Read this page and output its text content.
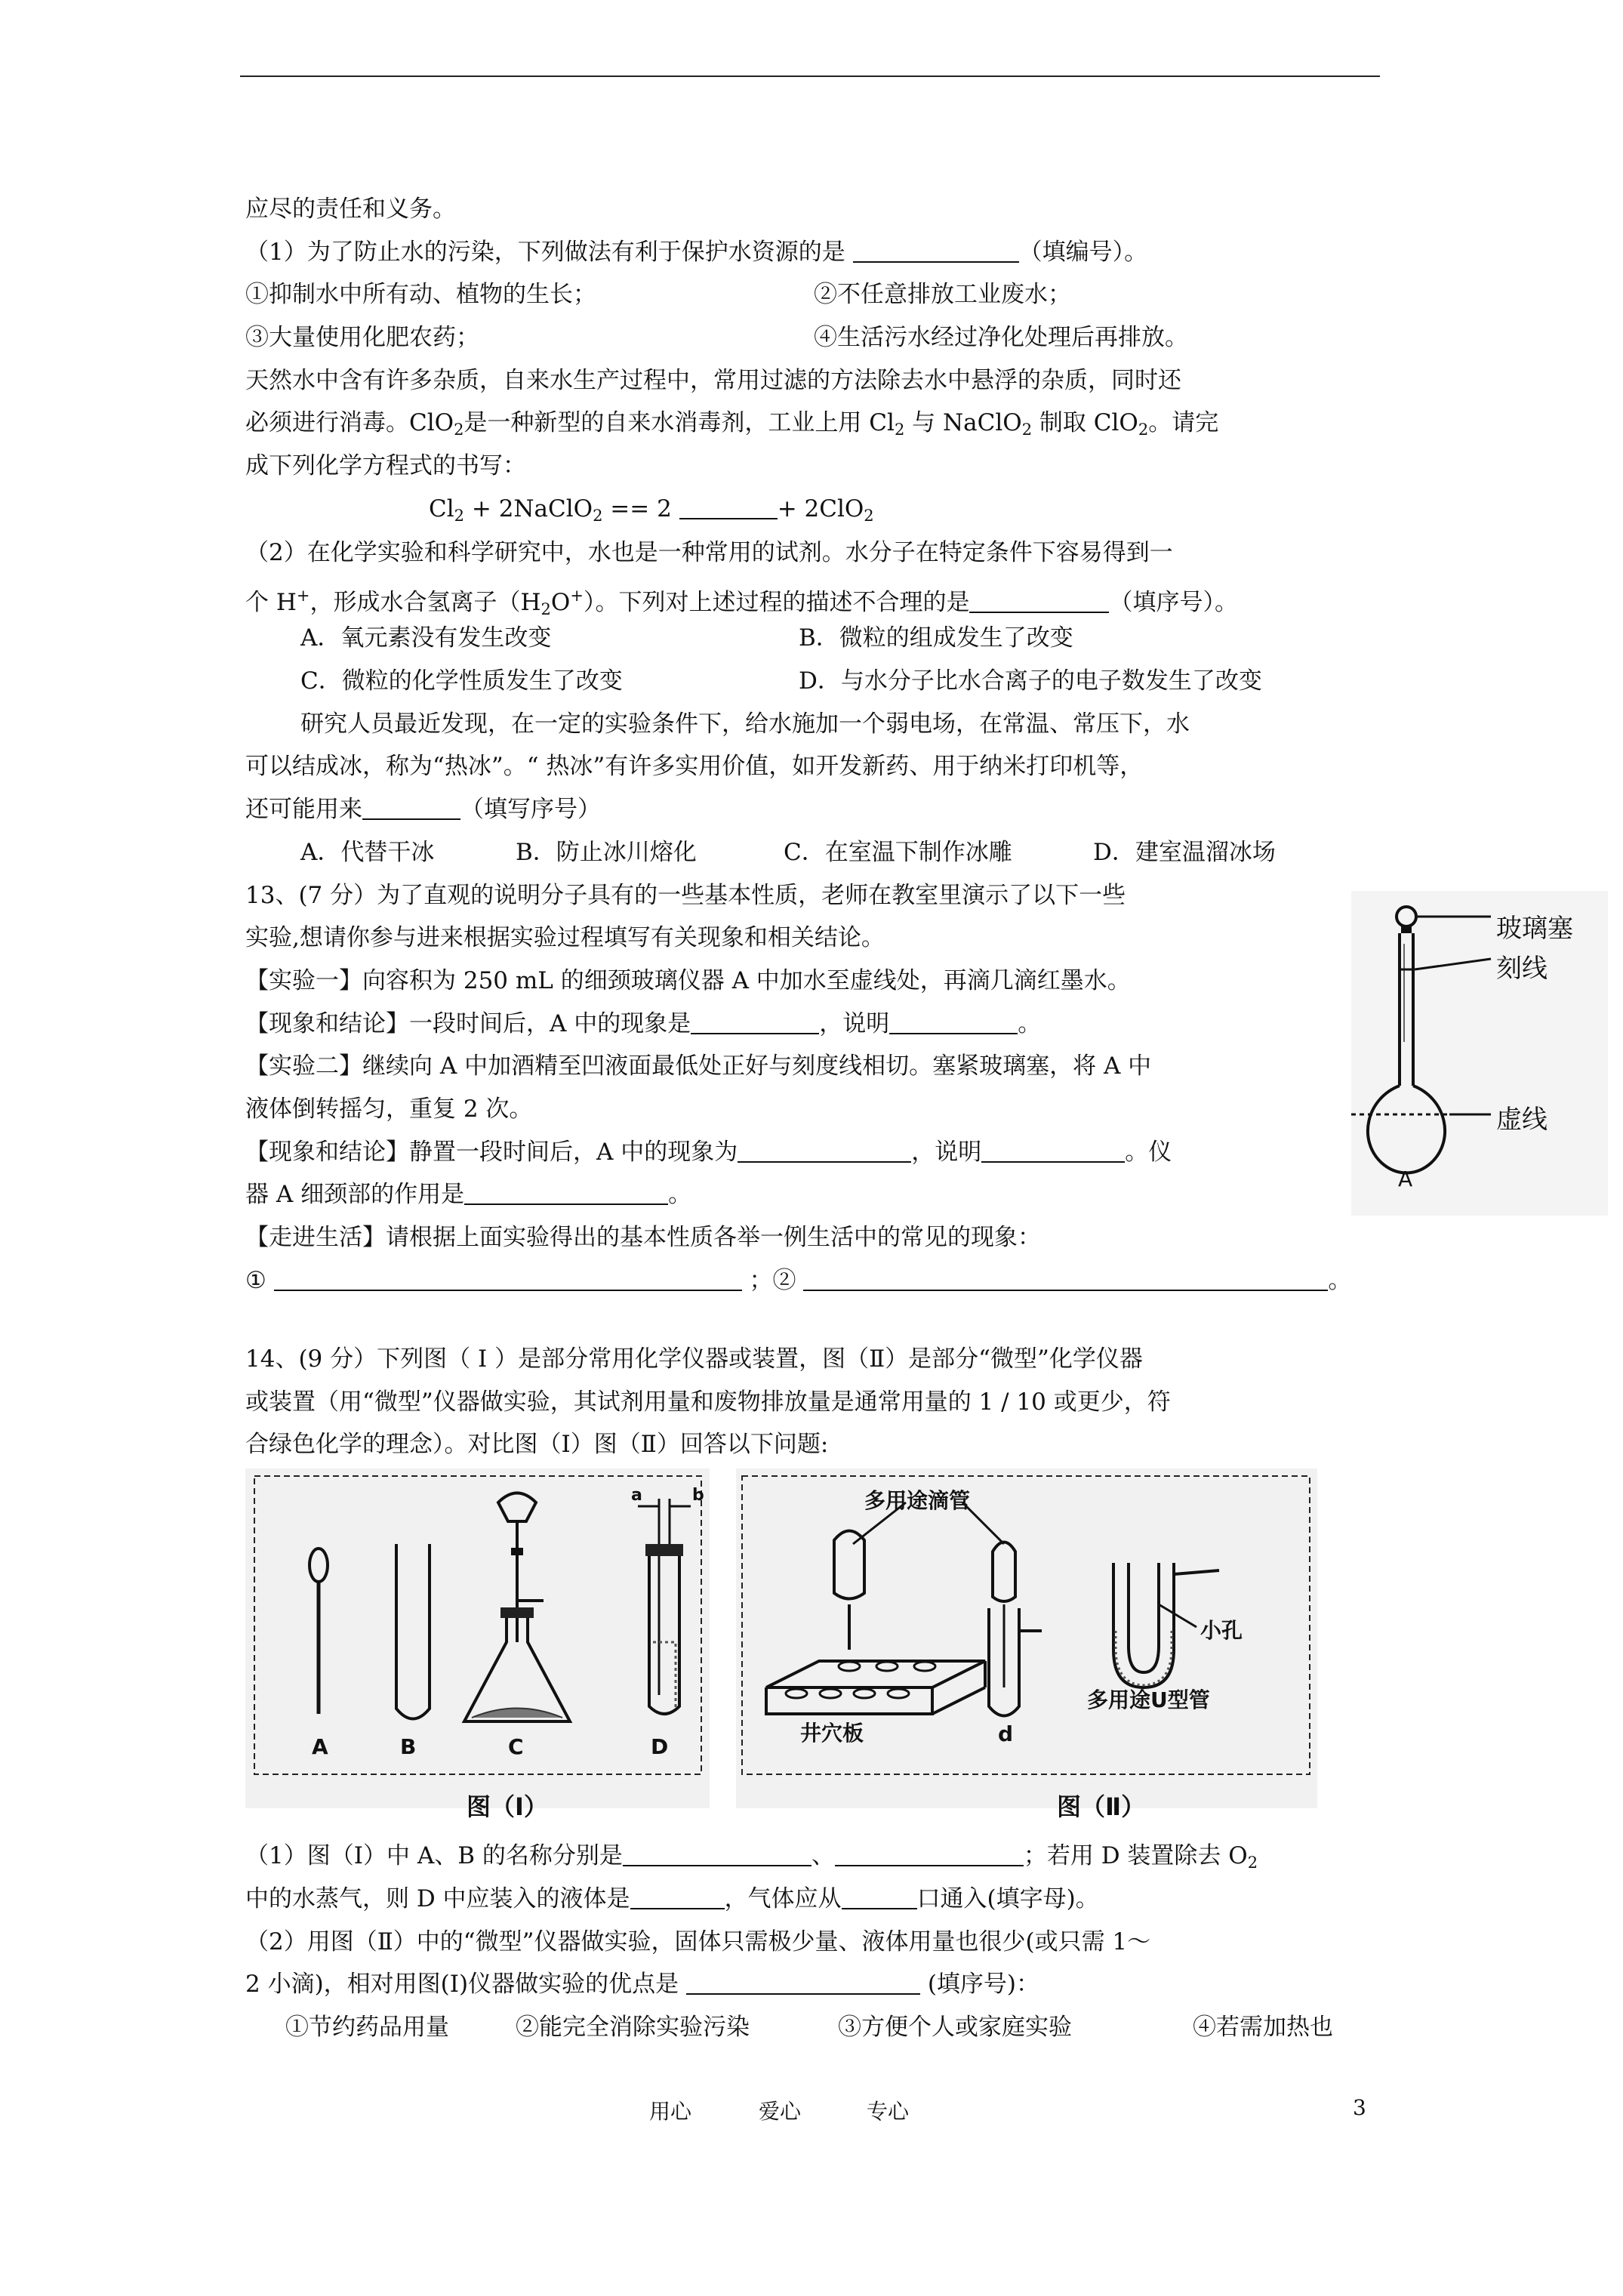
应尽的责任和义务。
（1）为了防止水的污染，下列做法有利于保护水资源的是	（填编号）。
①抑制水中所有动、植物的生长；	②不任意排放工业废水；
③大量使用化肥农药；	④生活污水经过净化处理后再排放。
天然水中含有许多杂质，自来水生产过程中，常用过滤的方法除去水中悬浮的杂质，同时还
必须进行消毒。ClO$_2$是一种新型的自来水消毒剂，工业上用 $Cl_2$ 与 NaClO$_2$ 制取 ClO$_2$。请完
成下列化学方程式的书写：
$Cl_2$ + 2NaClO$_2$ == 2	+ 2ClO$_2$
（2）在化学实验和科学研究中，水也是一种常用的试剂。水分子在特定条件下容易得到一
个 H+，形成水合氢离子$(H_2O^+)$。下列对上述过程的描述不合理的是	（填序号）。
A．氧元素没有发生改变	B．微粒的组成发生了改变
C．微粒的化学性质发生了改变	D．与水分子比水合离子的电子数发生了改变
研究人员最近发现，在一定的实验条件下，给水施加一个弱电场，在常温、常压下，水
可以结成冰，称为“热冰”。“ 热冰”有许多实用价值，如开发新药、用于纳米打印机等，
还可能用来	（填写序号）
A．代替干冰	B．防止冰川熔化	C．在室温下制作冰雕	D．建室温溜冰场
13、(7 分）为了直观的说明分子具有的一些基本性质，老师在教室里演示了以下一些
实验,想请你参与进来根据实验过程填写有关现象和相关结论。
【实验一】向容积为 250 mL 的细颈玻璃仪器 A 中加水至虚线处，再滴几滴红墨水。
【现象和结论】一段时间后，A 中的现象是	，说明	。
【实验二】继续向 A 中加酒精至凹液面最低处正好与刻度线相切。塞紧玻璃塞，将 A 中
液体倒转摇匀，重复 2 次。
【现象和结论】静置一段时间后，A 中的现象为	，说明	。仪
器 A 细颈部的作用是	。
【走进生活】请根据上面实验得出的基本性质各举一例生活中的常见的现象：
①	；②	。
玻璃塞
刻线
虚线
A
14、(9 分）下列图（ Ⅰ ）是部分常用化学仪器或装置，图（Ⅱ）是部分“微型”化学仪器
或装置（用“微型”仪器做实验，其试剂用量和废物排放量是通常用量的 1 / 10 或更少，符
合绿色化学的理念）。对比图（Ⅰ）图（Ⅱ）回答以下问题:
A	B	C	D
a	b
图（Ⅰ）
多用途滴管
井穴板	d
小孔
多用途U型管
图（Ⅱ）
（1）图（Ⅰ）中 A、B 的名称分别是	、	；若用 D 装置除去 $O_2$
中的水蒸气，则 D 中应装入的液体是	，气体应从	口通入(填字母)。
（2）用图（Ⅱ）中的“微型”仪器做实验，固体只需极少量、液体用量也很少(或只需 1～
2 小滴)，相对用图(Ⅰ)仪器做实验的优点是	(填序号)：
①节约药品用量	②能完全消除实验污染	③方便个人或家庭实验	④若需加热也
用心	爱心	专心	3
